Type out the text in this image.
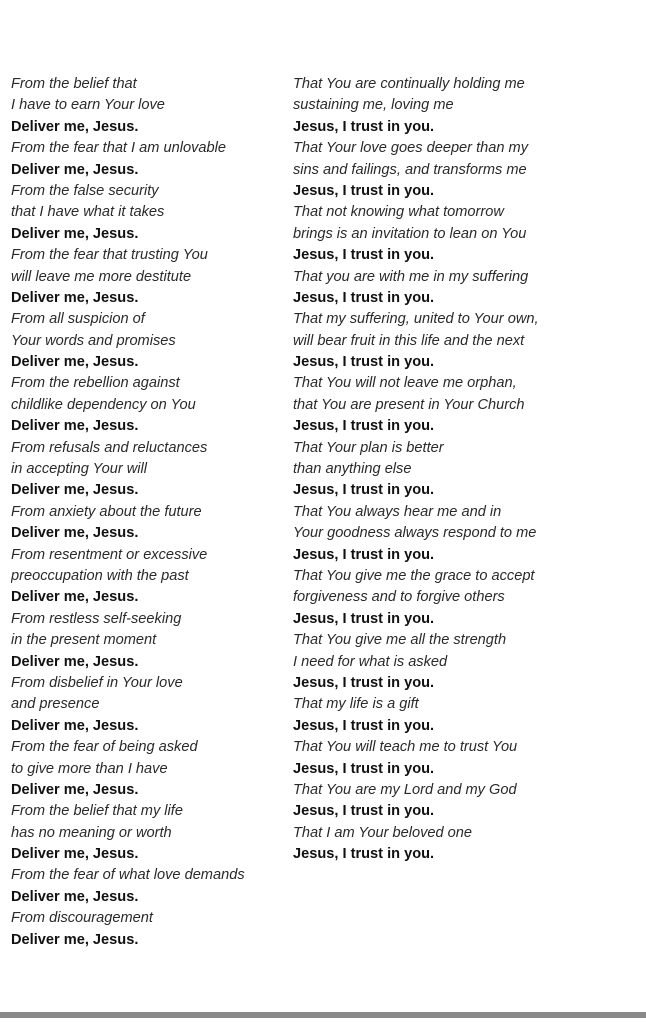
From the belief that
I have to earn Your love
Deliver me, Jesus.
From the fear that I am unlovable
Deliver me, Jesus.
From the false security
that I have what it takes
Deliver me, Jesus.
From the fear that trusting You
will leave me more destitute
Deliver me, Jesus.
From all suspicion of
Your words and promises
Deliver me, Jesus.
From the rebellion against
childlike dependency on You
Deliver me, Jesus.
From refusals and reluctances
in accepting Your will
Deliver me, Jesus.
From anxiety about the future
Deliver me, Jesus.
From resentment or excessive
preoccupation with the past
Deliver me, Jesus.
From restless self-seeking
in the present moment
Deliver me, Jesus.
From disbelief in Your love
and presence
Deliver me, Jesus.
From the fear of being asked
to give more than I have
Deliver me, Jesus.
From the belief that my life
has no meaning or worth
Deliver me, Jesus.
From the fear of what love demands
Deliver me, Jesus.
From discouragement
Deliver me, Jesus.
That You are continually holding me
sustaining me, loving me
Jesus, I trust in you.
That Your love goes deeper than my
sins and failings, and transforms me
Jesus, I trust in you.
That not knowing what tomorrow
brings is an invitation to lean on You
Jesus, I trust in you.
That you are with me in my suffering
Jesus, I trust in you.
That my suffering, united to Your own,
will bear fruit in this life and the next
Jesus, I trust in you.
That You will not leave me orphan,
that You are present in Your Church
Jesus, I trust in you.
That Your plan is better
than anything else
Jesus, I trust in you.
That You always hear me and in
Your goodness always respond to me
Jesus, I trust in you.
That You give me the grace to accept
forgiveness and to forgive others
Jesus, I trust in you.
That You give me all the strength
I need for what is asked
Jesus, I trust in you.
That my life is a gift
Jesus, I trust in you.
That You will teach me to trust You
Jesus, I trust in you.
That You are my Lord and my God
Jesus, I trust in you.
That I am Your beloved one
Jesus, I trust in you.
